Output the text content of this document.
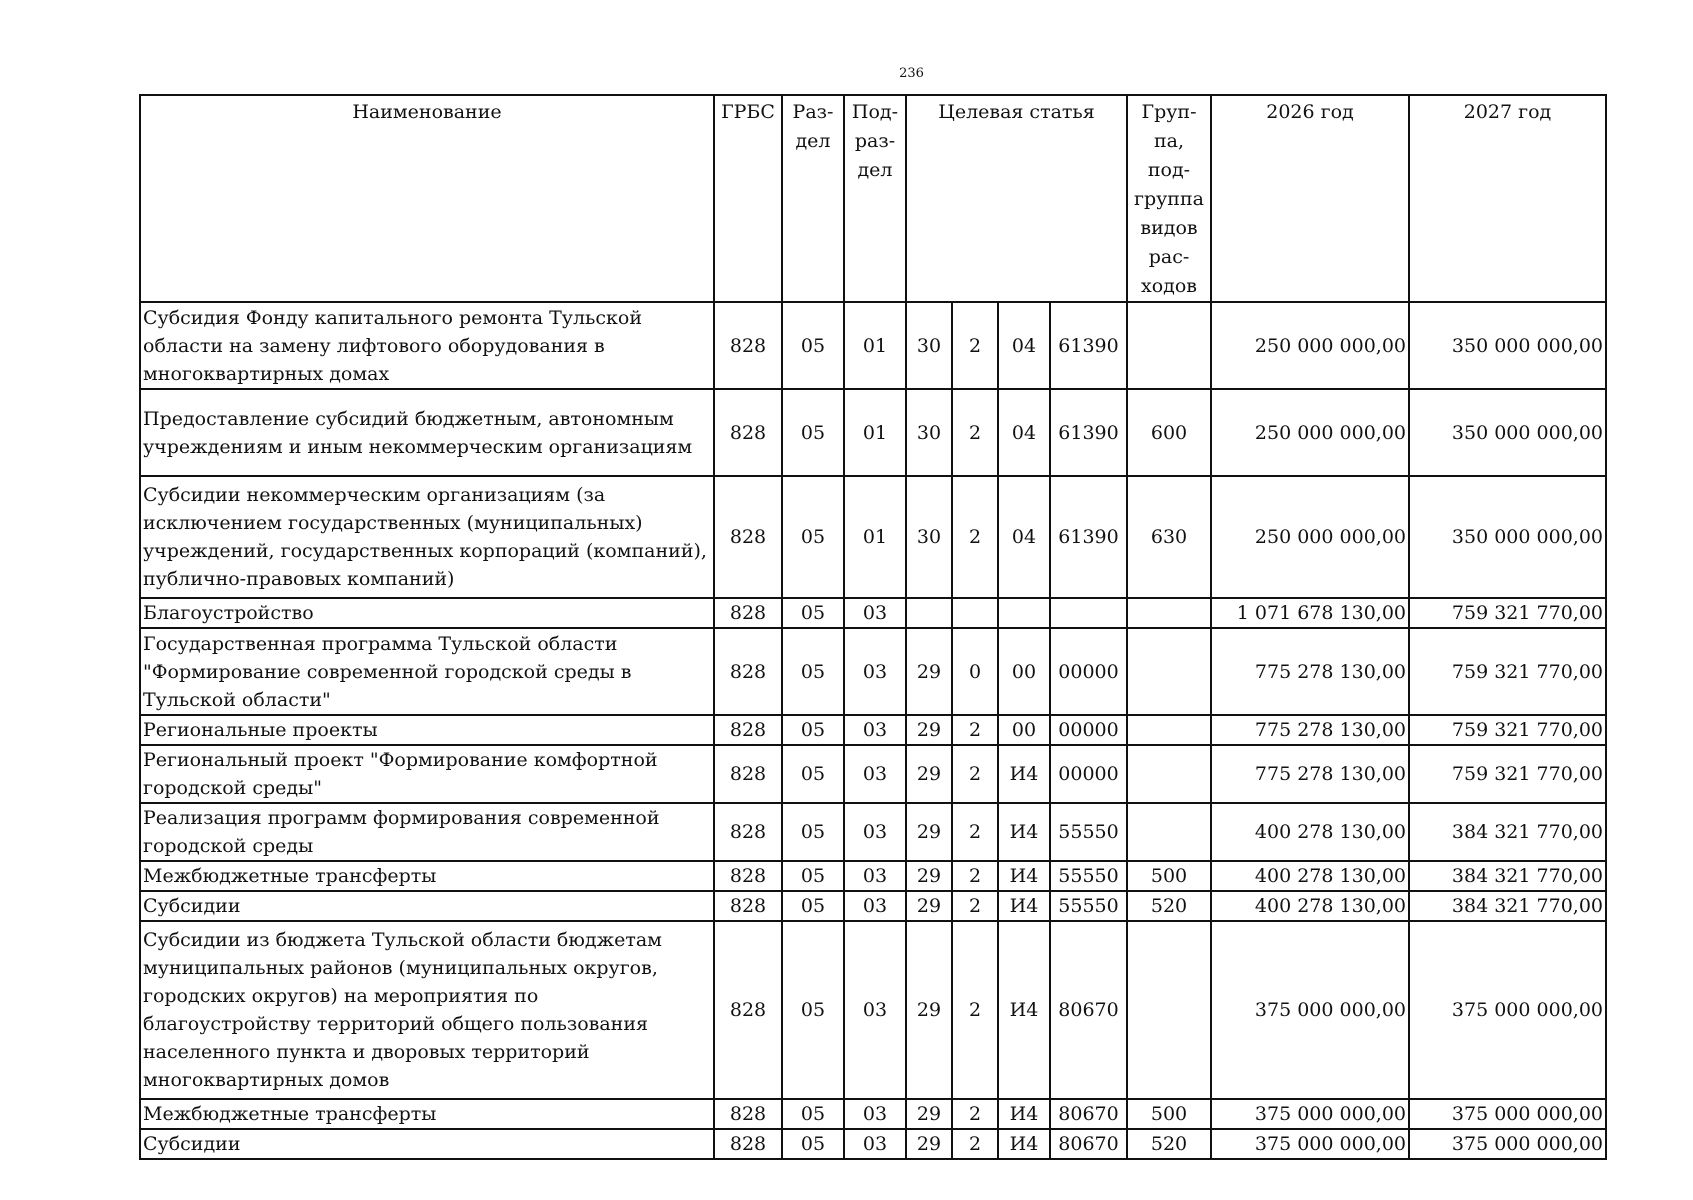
236
Наименование	ГРБС	Раз- дел	Под- раз- дел	Целевая статья				Груп- па, под- группа видов рас- ходов	2026 год	2027 год
Субсидия Фонду капитального ремонта Тульской области на замену лифтового оборудования в многоквартирных домах	828	05	01	30	2	04	61390		250 000 000,00	350 000 000,00
Предоставление субсидий бюджетным, автономным учреждениям и иным некоммерческим организациям	828	05	01	30	2	04	61390	600	250 000 000,00	350 000 000,00
Субсидии некоммерческим организациям (за исключением государственных (муниципальных) учреждений, государственных корпораций (компаний), публично-правовых компаний)	828	05	01	30	2	04	61390	630	250 000 000,00	350 000 000,00
Благоустройство	828	05	03						1 071 678 130,00	759 321 770,00
Государственная программа Тульской области "Формирование современной городской среды в Тульской области"	828	05	03	29	0	00	00000		775 278 130,00	759 321 770,00
Региональные проекты	828	05	03	29	2	00	00000		775 278 130,00	759 321 770,00
Региональный проект "Формирование комфортной городской среды"	828	05	03	29	2	И4	00000		775 278 130,00	759 321 770,00
Реализация программ формирования современной городской среды	828	05	03	29	2	И4	55550		400 278 130,00	384 321 770,00
Межбюджетные трансферты	828	05	03	29	2	И4	55550	500	400 278 130,00	384 321 770,00
Субсидии	828	05	03	29	2	И4	55550	520	400 278 130,00	384 321 770,00
Субсидии из бюджета Тульской области бюджетам муниципальных районов (муниципальных округов, городских округов) на мероприятия по благоустройству территорий общего пользования населенного пункта и дворовых территорий многоквартирных домов	828	05	03	29	2	И4	80670		375 000 000,00	375 000 000,00
Межбюджетные трансферты	828	05	03	29	2	И4	80670	500	375 000 000,00	375 000 000,00
Субсидии	828	05	03	29	2	И4	80670	520	375 000 000,00	375 000 000,00
